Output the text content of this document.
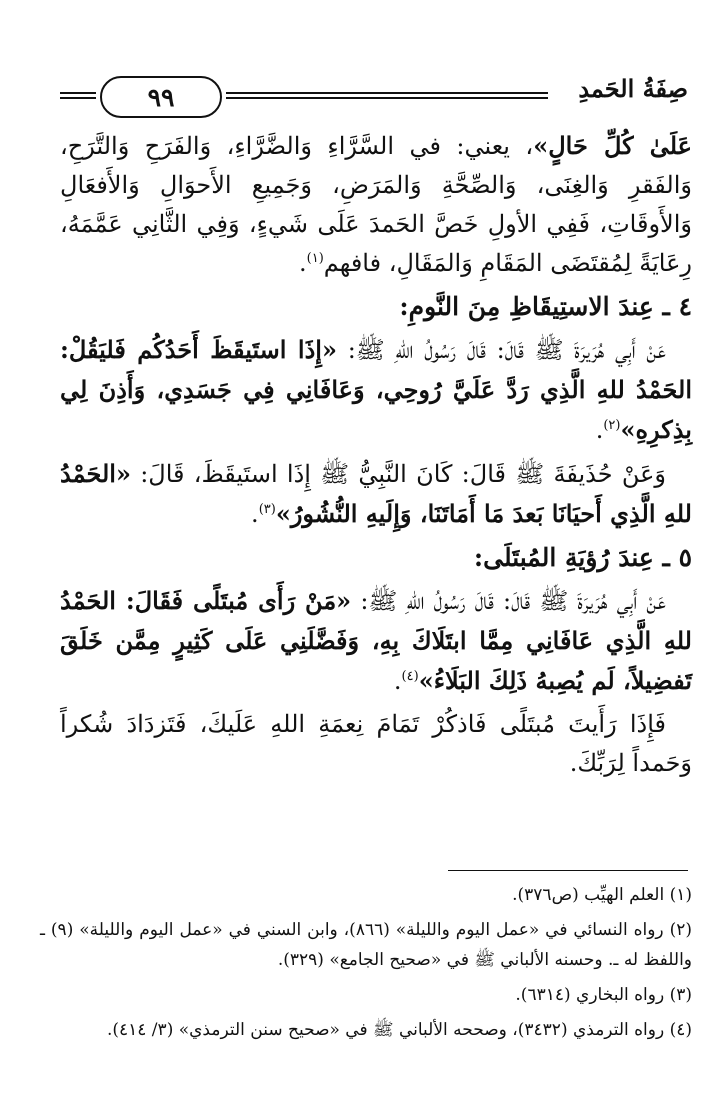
صِفَةُ الحَمدِ
٩٩

عَلَىٰ كُلِّ حَالٍ»، يعني: في السَّرَّاءِ وَالضَّرَّاءِ، وَالفَرَحِ وَالتَّرَحِ، وَالفَقرِ وَالغِنَى، وَالصِّحَّةِ وَالمَرَضِ، وَجَمِيعِ الأَحوَالِ وَالأَفعَالِ وَالأَوقَاتِ، فَفِي الأولِ خَصَّ الحَمدَ عَلَى شَيءٍ، وَفِي الثَّانِي عَمَّمَهُ، رِعَايَةً لِمُقتَضَى المَقَامِ وَالمَقَالِ، فافهم$^{(١)}$.

٤ ـ عِندَ الاستِيقَاظِ مِنَ النَّومِ:

عَنْ أَبِي هُرَيرَةَ ﷺ قَالَ: قَالَ رَسُولُ اللهِ ﷺ: «إِذَا استَيقَظَ أَحَدُكُم فَليَقُلْ: الحَمْدُ للهِ الَّذِي رَدَّ عَلَيَّ رُوحِي، وَعَافَانِي فِي جَسَدِي، وَأَذِنَ لِي بِذِكرِهِ»$^{(٢)}$.

وَعَنْ حُذَيفَةَ ﷺ قَالَ: كَانَ النَّبِيُّ ﷺ إِذَا استَيقَظَ، قَالَ: «الحَمْدُ للهِ الَّذِي أَحيَانَا بَعدَ مَا أَمَاتَنَا، وَإِلَيهِ النُّشُورُ»$^{(٣)}$.

٥ ـ عِندَ رُؤيَةِ المُبتَلَى:

عَنْ أَبِي هُرَيرَةَ ﷺ قَالَ: قَالَ رَسُولُ اللهِ ﷺ: «مَنْ رَأَى مُبتَلًى فَقَالَ: الحَمْدُ للهِ الَّذِي عَافَانِي مِمَّا ابتَلَاكَ بِهِ، وَفَضَّلَنِي عَلَى كَثِيرٍ مِمَّن خَلَقَ تَفضِيلاً، لَم يُصِبهُ ذَلِكَ البَلَاءُ»$^{(٤)}$.

فَإِذَا رَأَيتَ مُبتَلًى فَاذكُرْ تَمَامَ نِعمَةِ اللهِ عَلَيكَ، فَتَزدَادَ شُكراً وَحَمداً لِرَبِّكَ.

(١) العلم الهيِّب (ص٣٧٦).

(٢) رواه النسائي في «عمل اليوم والليلة» (٨٦٦)، وابن السني في «عمل اليوم والليلة» (٩) ـ واللفظ له ـ. وحسنه الألباني ﷺ في «صحيح الجامع» (٣٢٩).

(٣) رواه البخاري (٦٣١٤).

(٤) رواه الترمذي (٣٤٣٢)، وصححه الألباني ﷺ في «صحيح سنن الترمذي» (٣/ ٤١٤).
